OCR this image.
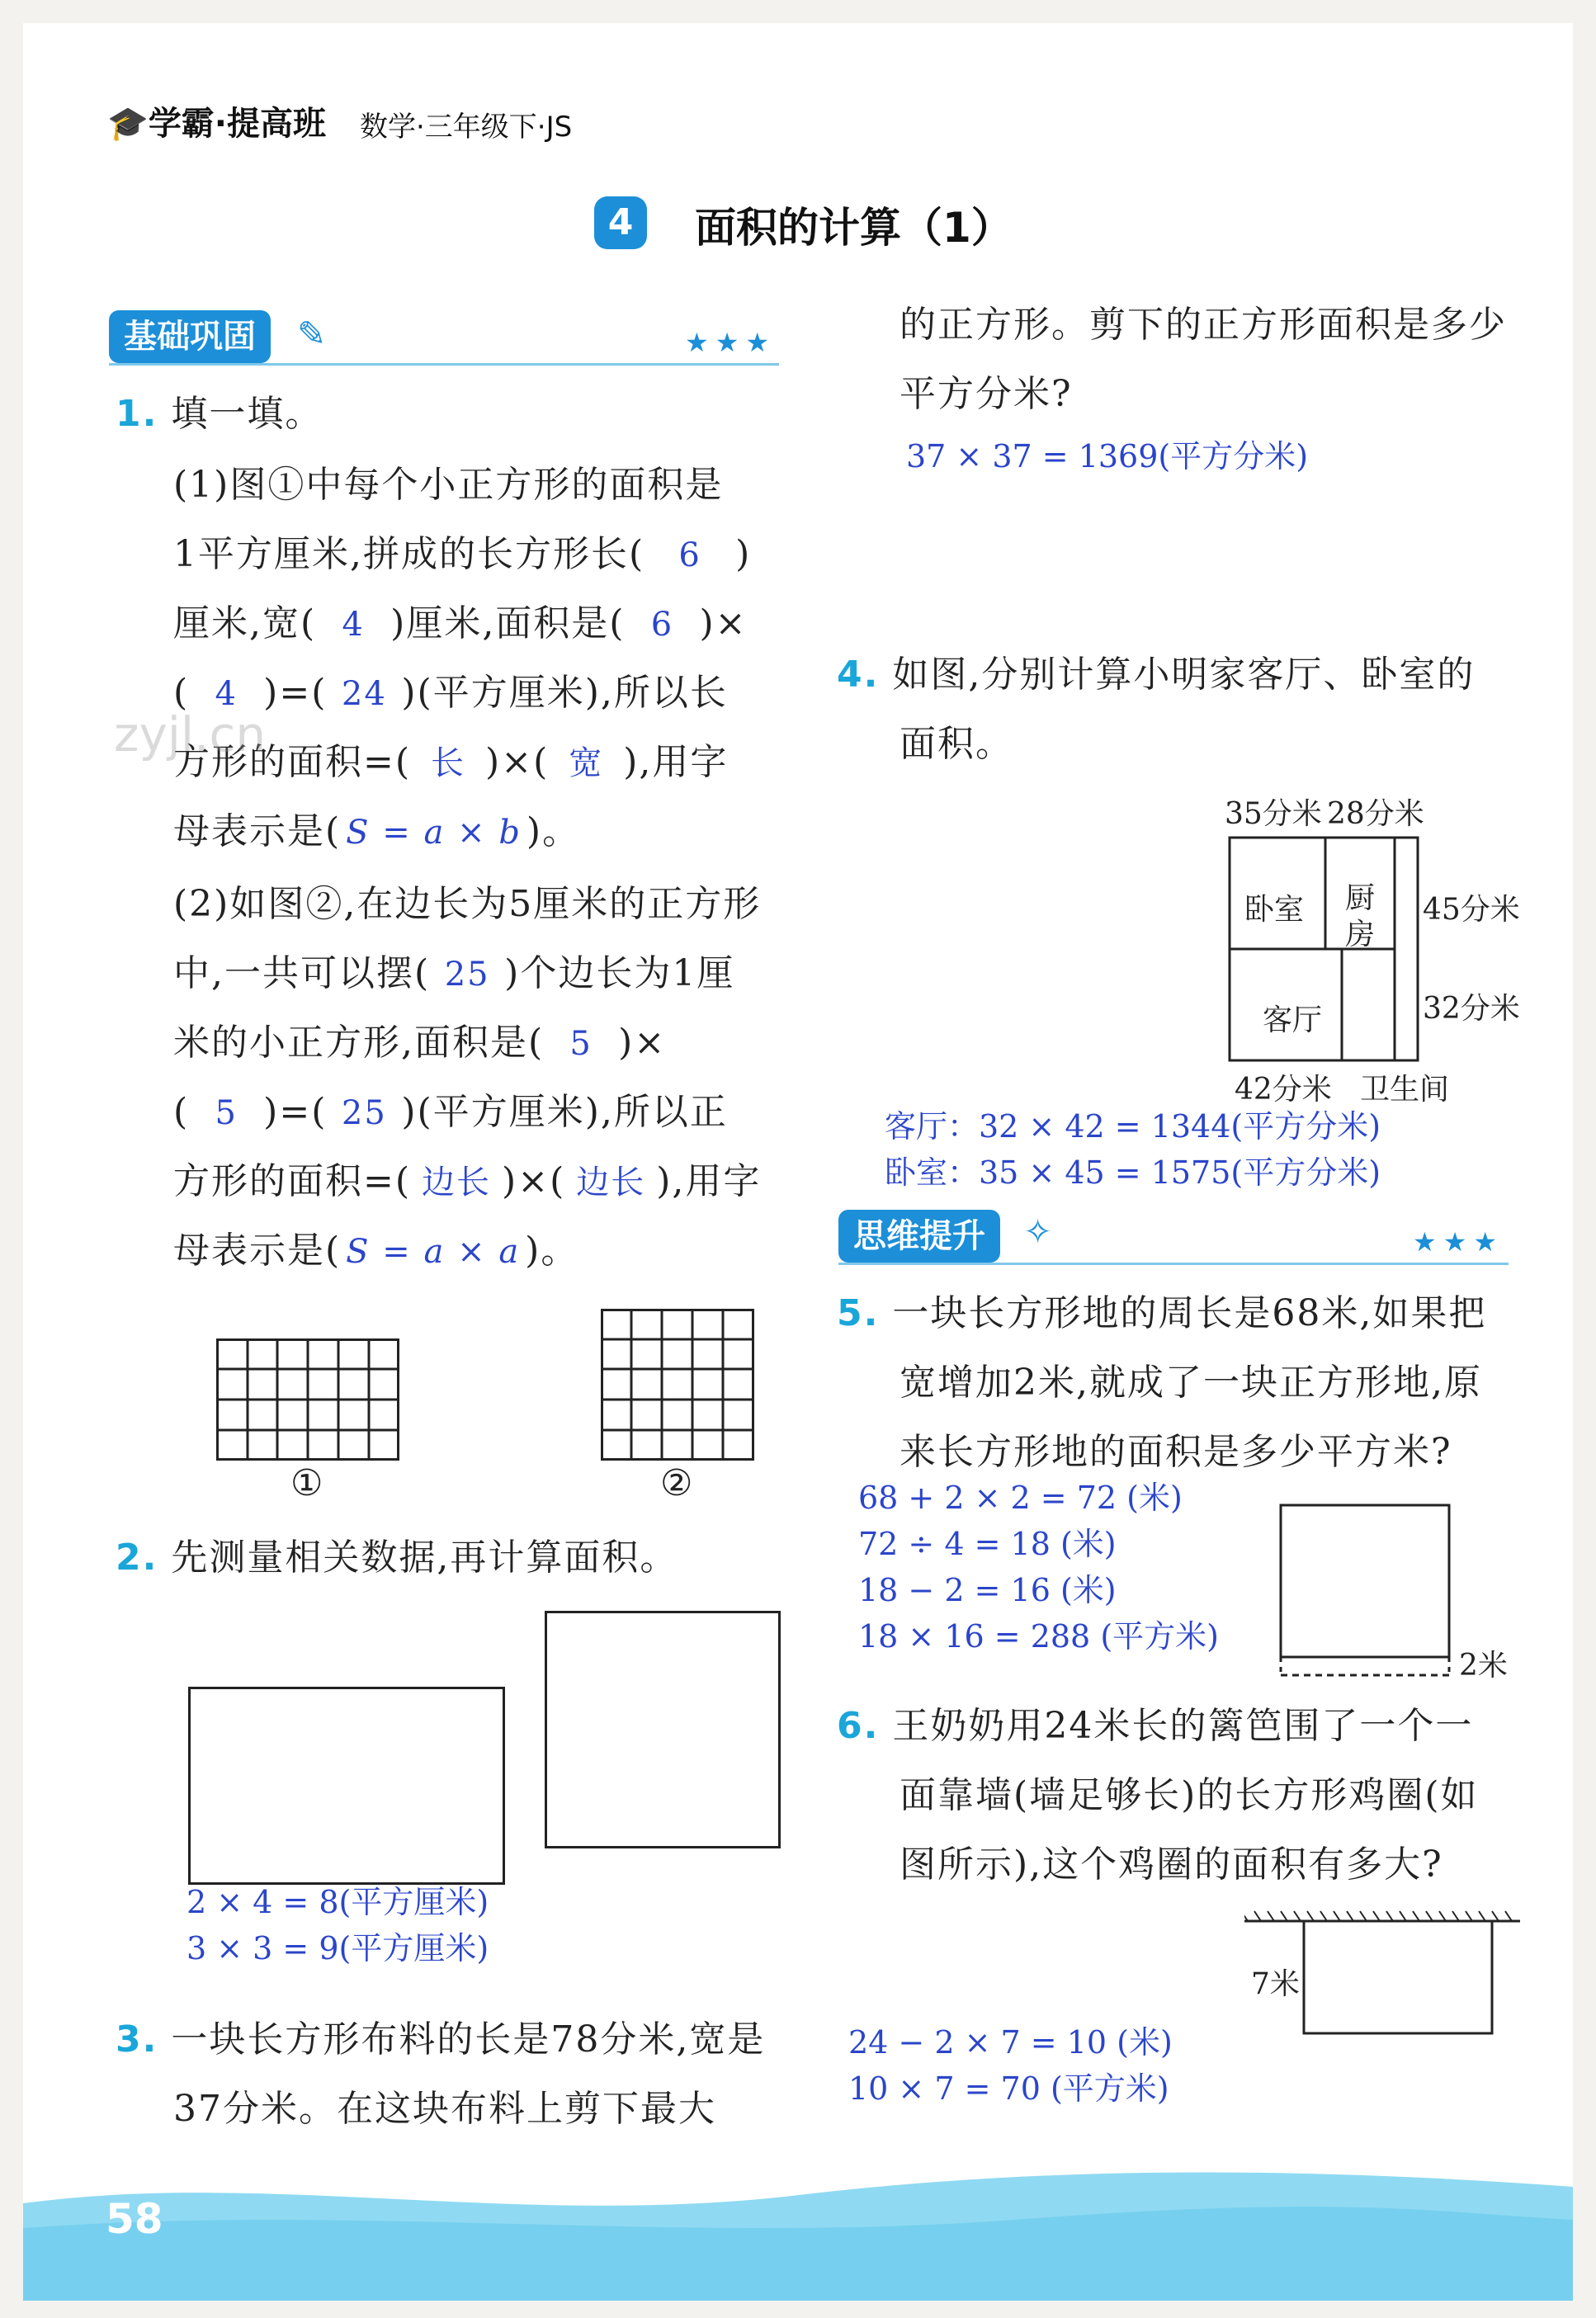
🎓学霸·提高班 数学·三年级下·JS
4	面积的计算（1）
基础巩固	✎	★★★
1. 填一填。
(1)图①中每个小正方形的面积是
1平方厘米,拼成的长方形长( 6 )
厘米,宽( 4 )厘米,面积是( 6 )×
( 4 )=( 24 )(平方厘米),所以长
方形的面积=( 长 )×( 宽 ),用字
母表示是( S = a × b )。
(2)如图②,在边长为5厘米的正方形
中,一共可以摆( 25 )个边长为1厘
米的小正方形,面积是( 5 )×
( 5 )=( 25 )(平方厘米),所以正
方形的面积=( 边长 )×( 边长 ),用字
母表示是( S = a × a )。
①	②
zyjl.cn
2. 先测量相关数据,再计算面积。
2 × 4 = 8(平方厘米)
3 × 3 = 9(平方厘米)
3. 一块长方形布料的长是78分米,宽是
37分米。在这块布料上剪下最大
的正方形。剪下的正方形面积是多少
平方分米?
37 × 37 = 1369(平方分米)
4. 如图,分别计算小明家客厅、卧室的
面积。
35分米 28分米
45分米
32分米
42分米
卧室 厨
房
客厅
卫生间
客厅：32 × 42 = 1344(平方分米)
卧室：35 × 45 = 1575(平方分米)
思维提升	✧	★★★
5. 一块长方形地的周长是68米,如果把
宽增加2米,就成了一块正方形地,原
来长方形地的面积是多少平方米?
68 + 2 × 2 = 72 (米)
72 ÷ 4 = 18 (米)
18 − 2 = 16 (米)
18 × 16 = 288 (平方米)
2米
6. 王奶奶用24米长的篱笆围了一个一
面靠墙(墙足够长)的长方形鸡圈(如
图所示),这个鸡圈的面积有多大?
7米
24 − 2 × 7 = 10 (米)
10 × 7 = 70 (平方米)
58
